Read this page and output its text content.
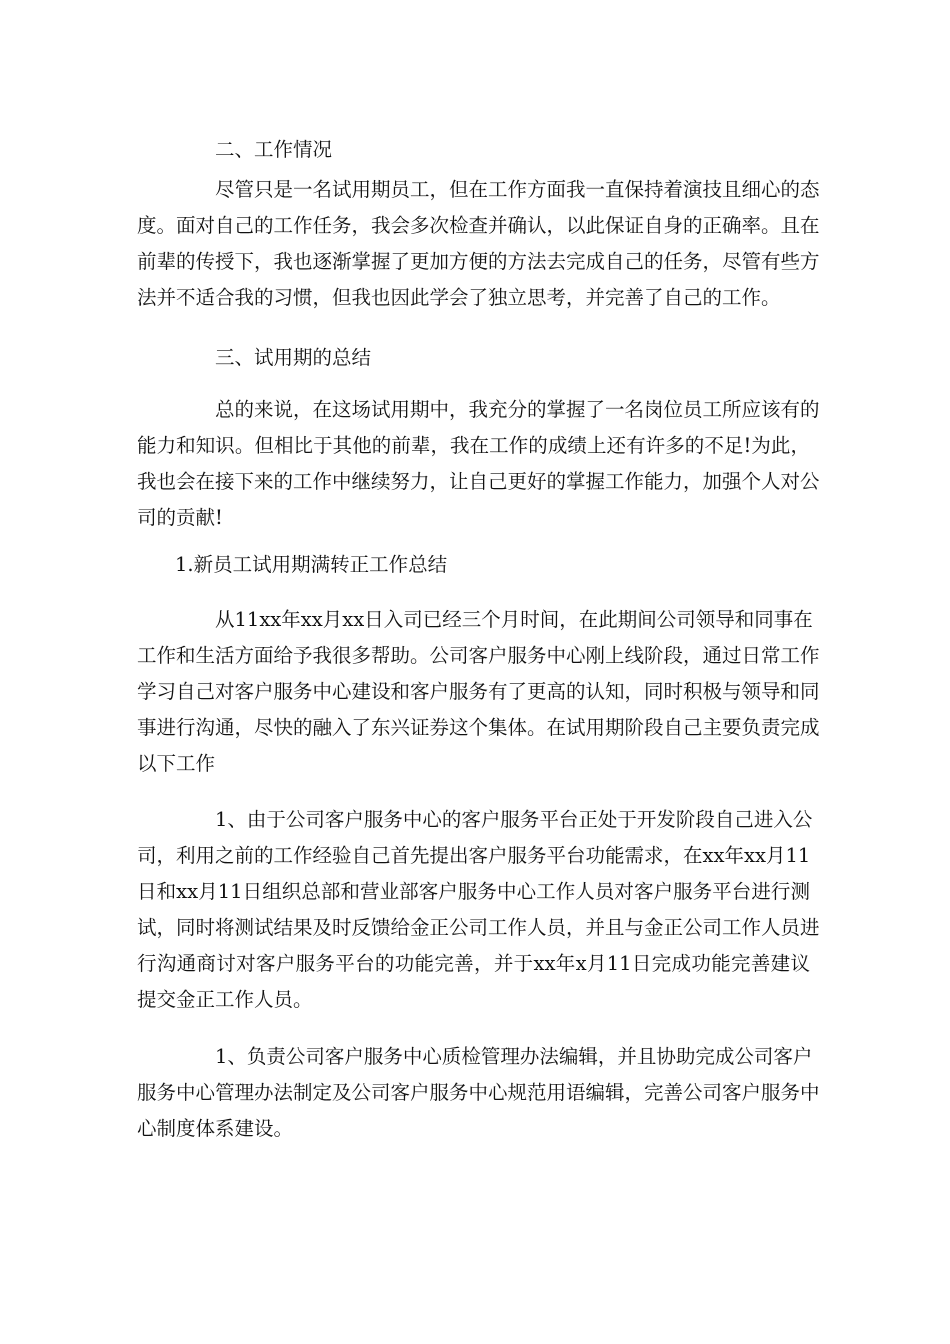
二、工作情况
尽管只是一名试用期员工，但在工作方面我一直保持着演技且细心的态
度。面对自己的工作任务，我会多次检查并确认，以此保证自身的正确率。且在
前辈的传授下，我也逐渐掌握了更加方便的方法去完成自己的任务，尽管有些方
法并不适合我的习惯，但我也因此学会了独立思考，并完善了自己的工作。
三、试用期的总结
总的来说，在这场试用期中，我充分的掌握了一名岗位员工所应该有的
能力和知识。但相比于其他的前辈，我在工作的成绩上还有许多的不足!为此，
我也会在接下来的工作中继续努力，让自己更好的掌握工作能力，加强个人对公
司的贡献!
1.新员工试用期满转正工作总结
从11xx年xx月xx日入司已经三个月时间，在此期间公司领导和同事在
工作和生活方面给予我很多帮助。公司客户服务中心刚上线阶段，通过日常工作
学习自己对客户服务中心建设和客户服务有了更高的认知，同时积极与领导和同
事进行沟通，尽快的融入了东兴证券这个集体。在试用期阶段自己主要负责完成
以下工作
1、由于公司客户服务中心的客户服务平台正处于开发阶段自己进入公
司，利用之前的工作经验自己首先提出客户服务平台功能需求，在xx年xx月11
日和xx月11日组织总部和营业部客户服务中心工作人员对客户服务平台进行测
试，同时将测试结果及时反馈给金正公司工作人员，并且与金正公司工作人员进
行沟通商讨对客户服务平台的功能完善，并于xx年x月11日完成功能完善建议
提交金正工作人员。
1、负责公司客户服务中心质检管理办法编辑，并且协助完成公司客户
服务中心管理办法制定及公司客户服务中心规范用语编辑，完善公司客户服务中
心制度体系建设。
